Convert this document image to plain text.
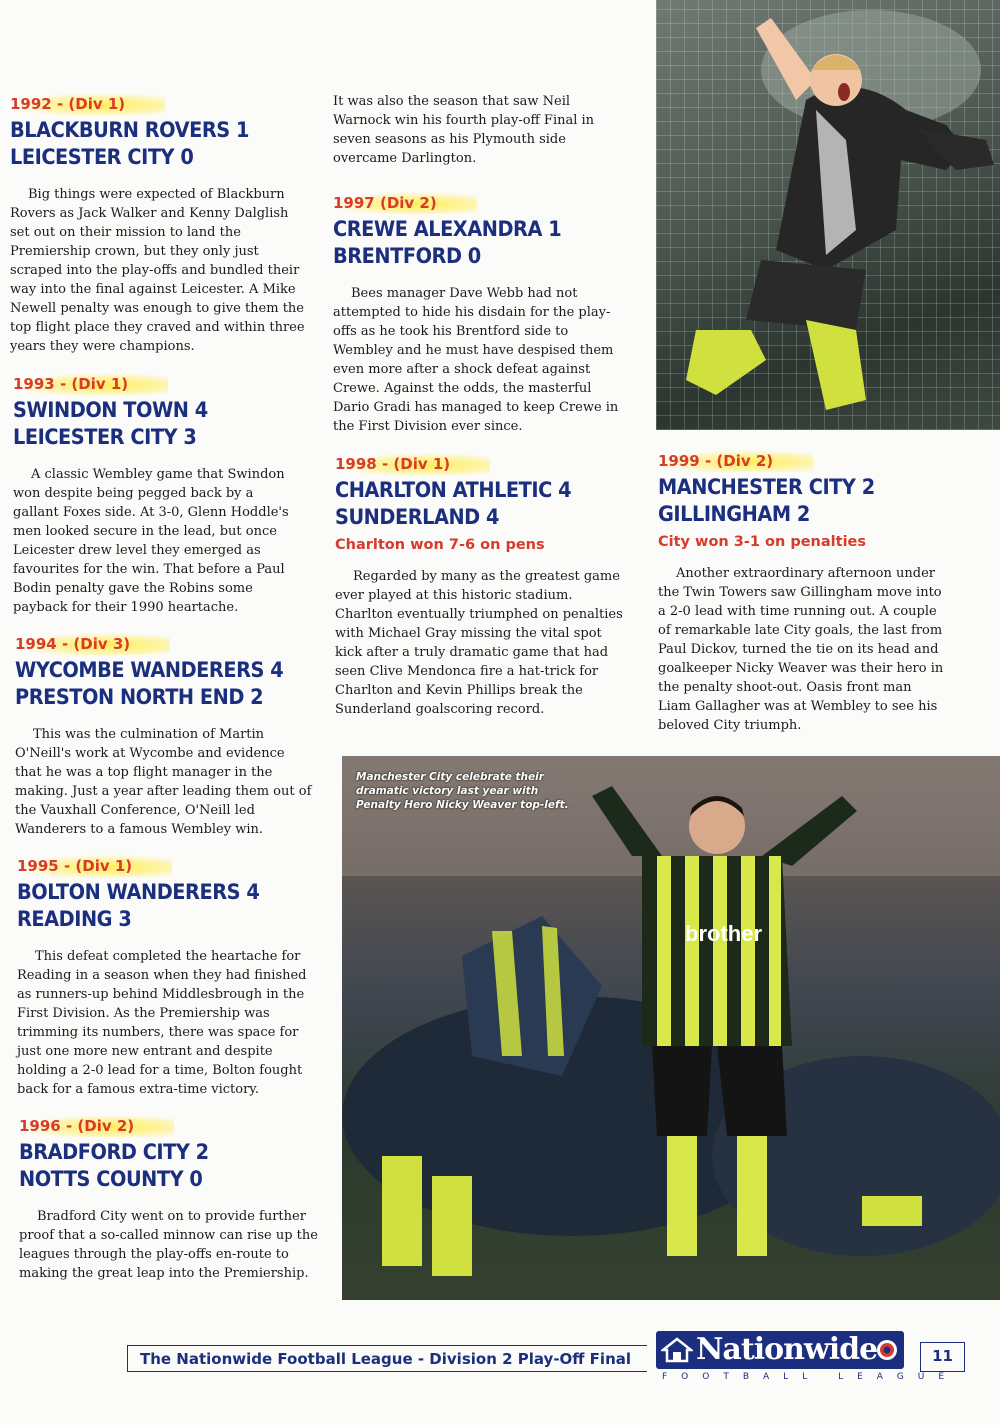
1992 - (Div 1)
BLACKBURN ROVERS 1
LEICESTER CITY 0
Big things were expected of Blackburn Rovers as Jack Walker and Kenny Dalglish set out on their mission to land the Premiership crown, but they only just scraped into the play-offs and bundled their way into the final against Leicester. A Mike Newell penalty was enough to give them the top flight place they craved and within three years they were champions.
1993 - (Div 1)
SWINDON TOWN 4
LEICESTER CITY 3
A classic Wembley game that Swindon won despite being pegged back by a gallant Foxes side. At 3-0, Glenn Hoddle's men looked secure in the lead, but once Leicester drew level they emerged as favourites for the win. That before a Paul Bodin penalty gave the Robins some payback for their 1990 heartache.
1994 - (Div 3)
WYCOMBE WANDERERS 4
PRESTON NORTH END 2
This was the culmination of Martin O'Neill's work at Wycombe and evidence that he was a top flight manager in the making. Just a year after leading them out of the Vauxhall Conference, O'Neill led Wanderers to a famous Wembley win.
1995 - (Div 1)
BOLTON WANDERERS 4
READING 3
This defeat completed the heartache for Reading in a season when they had finished as runners-up behind Middlesbrough in the First Division. As the Premiership was trimming its numbers, there was space for just one more new entrant and despite holding a 2-0 lead for a time, Bolton fought back for a famous extra-time victory.
1996 - (Div 2)
BRADFORD CITY 2
NOTTS COUNTY 0
Bradford City went on to provide further proof that a so-called minnow can rise up the leagues through the play-offs en-route to making the great leap into the Premiership.
It was also the season that saw Neil Warnock win his fourth play-off Final in seven seasons as his Plymouth side overcame Darlington.
1997 (Div 2)
CREWE ALEXANDRA 1
BRENTFORD 0
Bees manager Dave Webb had not attempted to hide his disdain for the play-offs as he took his Brentford side to Wembley and he must have despised them even more after a shock defeat against Crewe. Against the odds, the masterful Dario Gradi has managed to keep Crewe in the First Division ever since.
1998 - (Div 1)
CHARLTON ATHLETIC 4
SUNDERLAND 4
Charlton won 7-6 on pens
Regarded by many as the greatest game ever played at this historic stadium. Charlton eventually triumphed on penalties with Michael Gray missing the vital spot kick after a truly dramatic game that had seen Clive Mendonca fire a hat-trick for Charlton and Kevin Phillips break the Sunderland goalscoring record.
1999 - (Div 2)
MANCHESTER CITY 2
GILLINGHAM 2
City won 3-1 on penalties
Another extraordinary afternoon under the Twin Towers saw Gillingham move into a 2-0 lead with time running out. A couple of remarkable late City goals, the last from Paul Dickov, turned the tie on its head and goalkeeper Nicky Weaver was their hero in the penalty shoot-out. Oasis front man Liam Gallagher was at Wembley to see his beloved City triumph.
brother
Manchester City celebrate their dramatic victory last year with Penalty Hero Nicky Weaver top-left.
The Nationwide Football League - Division 2 Play-Off Final	Nationwide
FOOTBALL LEAGUE
11
